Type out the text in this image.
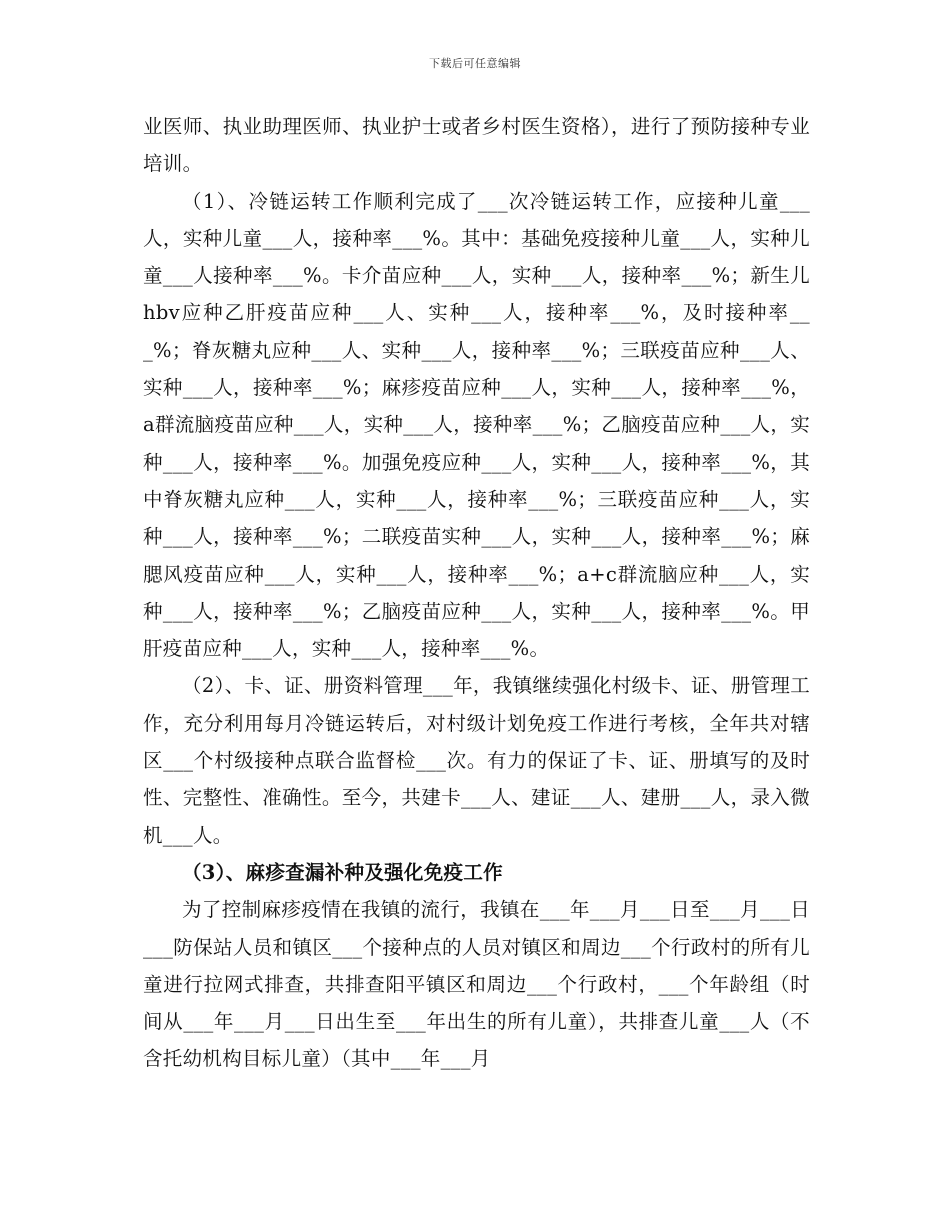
下载后可任意编辑

业医师、执业助理医师、执业护士或者乡村医生资格），进行了预防接种专业培训。

（1）、冷链运转工作顺利完成了___次冷链运转工作，应接种儿童___人，实种儿童___人，接种率___%。其中：基础免疫接种儿童___人，实种儿童___人接种率___%。卡介苗应种___人，实种___人，接种率___%；新生儿hbv应种乙肝疫苗应种___人、实种___人，接种率___%，及时接种率___%；脊灰糖丸应种___人、实种___人，接种率___%；三联疫苗应种___人、实种___人，接种率___%；麻疹疫苗应种___人，实种___人，接种率___%，a群流脑疫苗应种___人，实种___人，接种率___%；乙脑疫苗应种___人，实种___人，接种率___%。加强免疫应种___人，实种___人，接种率___%，其中脊灰糖丸应种___人，实种___人，接种率___%；三联疫苗应种___人，实种___人，接种率___%；二联疫苗实种___人，实种___人，接种率___%；麻腮风疫苗应种___人，实种___人，接种率___%；a+c群流脑应种___人，实种___人，接种率___%；乙脑疫苗应种___人，实种___人，接种率___%。甲肝疫苗应种___人，实种___人，接种率___%。

（2）、卡、证、册资料管理___年，我镇继续强化村级卡、证、册管理工作，充分利用每月冷链运转后，对村级计划免疫工作进行考核，全年共对辖区___个村级接种点联合监督检___次。有力的保证了卡、证、册填写的及时性、完整性、准确性。至今，共建卡___人、建证___人、建册___人，录入微机___人。

（3）、麻疹查漏补种及强化免疫工作

为了控制麻疹疫情在我镇的流行，我镇在___年___月___日至___月___日___防保站人员和镇区___个接种点的人员对镇区和周边___个行政村的所有儿童进行拉网式排查，共排查阳平镇区和周边___个行政村，___个年龄组（时间从___年___月___日出生至___年出生的所有儿童），共排查儿童___人（不含托幼机构目标儿童）（其中___年___月
